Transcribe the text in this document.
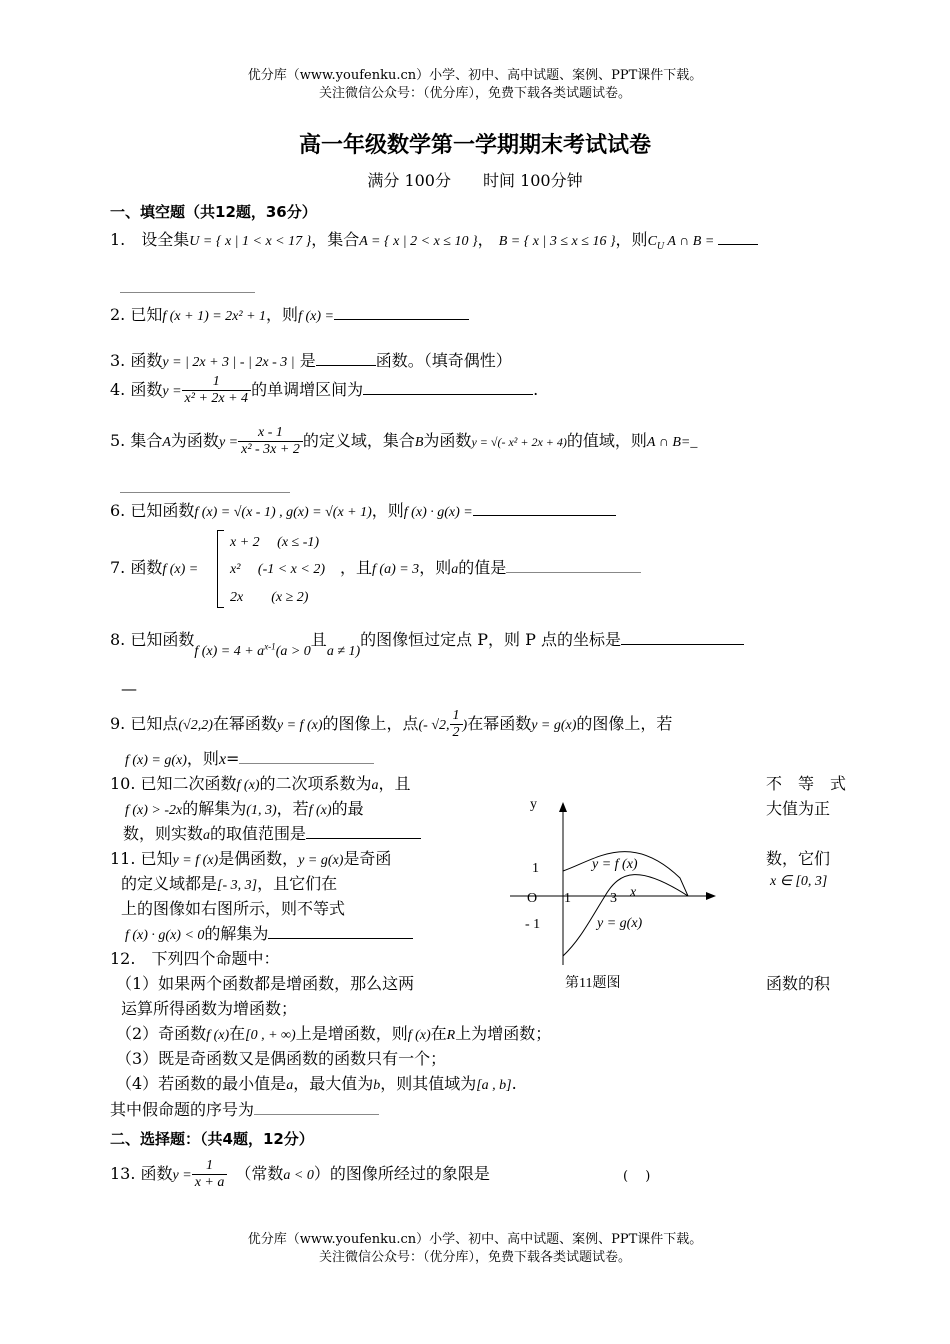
优分库（www.youfenku.cn）小学、初中、高中试题、案例、PPT课件下载。
关注微信公众号：（优分库），免费下载各类试题试卷。
高一年级数学第一学期期末考试试卷
满分 100分　　时间 100分钟
一、填空题（共12题，36分）
1.　设全集U = { x | 1 < x < 17 }，集合A = { x | 2 < x ≤ 10 }， B = { x | 3 ≤ x ≤ 16 }，则$C_U$ A ∩ B =
2. 已知f (x + 1) = 2x² + 1，则f (x) =
3. 函数y = | 2x + 3 | - | 2x - 3 | 是	函数。（填奇偶性）
4. 函数$y = \frac{1}{\text{x² + 2x + 4}}$ 的单调增区间为	.
5. 集合A为函数$y = \frac{x - 1}{\text{x² - 3x + 2}}$ 的定义域，集合B为函数y = √(- x² + 2x + 4)的值域，则A ∩ B=_
6. 已知函数f (x) = √(x - 1) , g(x) = √(x + 1)，则f (x) · g(x) =
7. 函数f (x) =
x + 2　 (x ≤ -1)
x²　 (-1 < x < 2)
2x　　(x ≥ 2)
，且f (a) = 3，则a的值是
8. 已知函数f $(x) = 4 + a^{x-1}(a > 0$且a ≠ 1)的图像恒过定点 P，则 P 点的坐标是
—
9. 已知点(√2,2)在幂函数y = f (x)的图像上，点(- √2, $\frac{1}{2}$ )在幂函数y = g(x)的图像上，若
f (x) = g(x)，则x=
10. 已知二次函数f (x)的二次项系数为a，且	不　等　式
f (x) > -2x的解集为(1, 3)，若f (x)的最	大值为正
数，则实数a的取值范围是
11. 已知y = f (x)是偶函数，y = g(x)是奇函	数，它们
的定义域都是[- 3, 3]，且它们在	x ∈ [0, 3]
上的图像如右图所示，则不等式
f (x) · g(x) < 0的解集为
y
1
O 1	3 x
- 1
y = f (x)
y = g(x)
第11题图
12.　下列四个命题中：
（1）如果两个函数都是增函数，那么这两	函数的积
运算所得函数为增函数；
（2）奇函数f (x)在[0 , + ∞)上是增函数，则f (x)在R上为增函数；
（3）既是奇函数又是偶函数的函数只有一个；
（4）若函数的最小值是a，最大值为b，则其值域为[a , b].
其中假命题的序号为
二、选择题：（共4题，12分）
13. 函数$y = \frac{1}{x + a}$
　 （常数a < 0）的图像所经过的象限是	(　 )
优分库（www.youfenku.cn）小学、初中、高中试题、案例、PPT课件下载。
关注微信公众号：（优分库），免费下载各类试题试卷。
